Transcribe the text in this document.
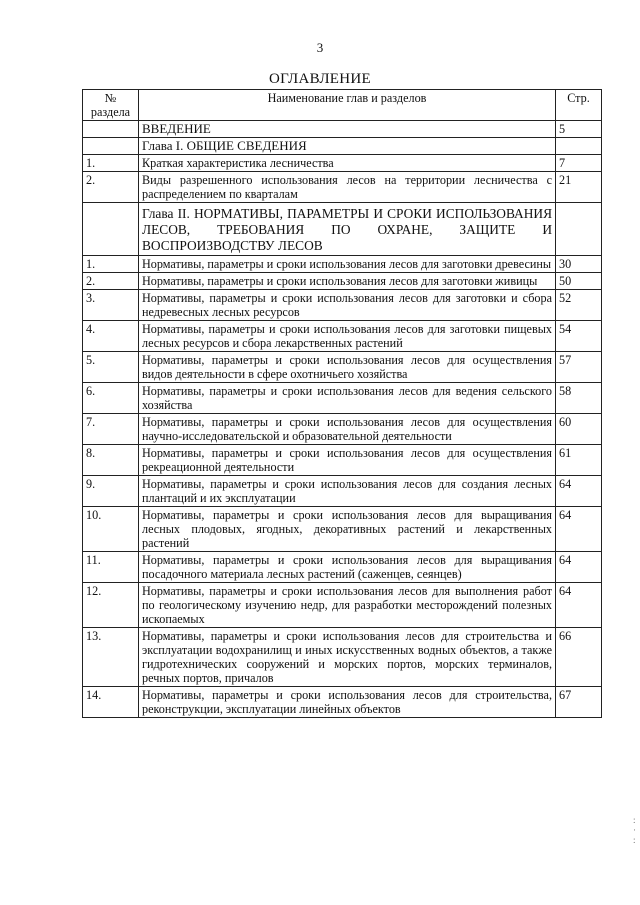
3
ОГЛАВЛЕНИЕ
№ раздела	Наименование глав и разделов	Стр.
	ВВЕДЕНИЕ	5
	Глава I. ОБЩИЕ СВЕДЕНИЯ	
1.	Краткая характеристика лесничества	7
2.	Виды разрешенного использования лесов на территории лесничества с распределением по кварталам	21
	Глава II. НОРМАТИВЫ, ПАРАМЕТРЫ И СРОКИ ИСПОЛЬЗОВАНИЯ ЛЕСОВ, ТРЕБОВАНИЯ ПО ОХРАНЕ, ЗАЩИТЕ И ВОСПРОИЗВОДСТВУ ЛЕСОВ	
1.	Нормативы, параметры и сроки использования лесов для заготовки древесины	30
2.	Нормативы, параметры и сроки использования лесов для заготовки живицы	50
3.	Нормативы, параметры и сроки использования лесов для заготовки и сбора недревесных лесных ресурсов	52
4.	Нормативы, параметры и сроки использования лесов для заготовки пищевых лесных ресурсов и сбора лекарственных растений	54
5.	Нормативы, параметры и сроки использования лесов для осуществления видов деятельности в сфере охотничьего хозяйства	57
6.	Нормативы, параметры и сроки использования лесов для ведения сельского хозяйства	58
7.	Нормативы, параметры и сроки использования лесов для осуществления научно-исследовательской и образовательной деятельности	60
8.	Нормативы, параметры и сроки использования лесов для осуществления рекреационной деятельности	61
9.	Нормативы, параметры и сроки использования лесов для создания лесных плантаций и их эксплуатации	64
10.	Нормативы, параметры и сроки использования лесов для выращивания лесных плодовых, ягодных, декоративных растений и лекарственных растений	64
11.	Нормативы, параметры и сроки использования лесов для выращивания посадочного материала лесных растений (саженцев, сеянцев)	64
12.	Нормативы, параметры и сроки использования лесов для выполнения работ по геологическому изучению недр, для разработки месторождений полезных ископаемых	64
13.	Нормативы, параметры и сроки использования лесов для строительства и эксплуатации водохранилищ и иных искусственных водных объектов, а также гидротехнических сооружений и морских портов, морских терминалов, речных портов, причалов	66
14.	Нормативы, параметры и сроки использования лесов для строительства, реконструкции, эксплуатации линейных объектов	67
:
·
:
